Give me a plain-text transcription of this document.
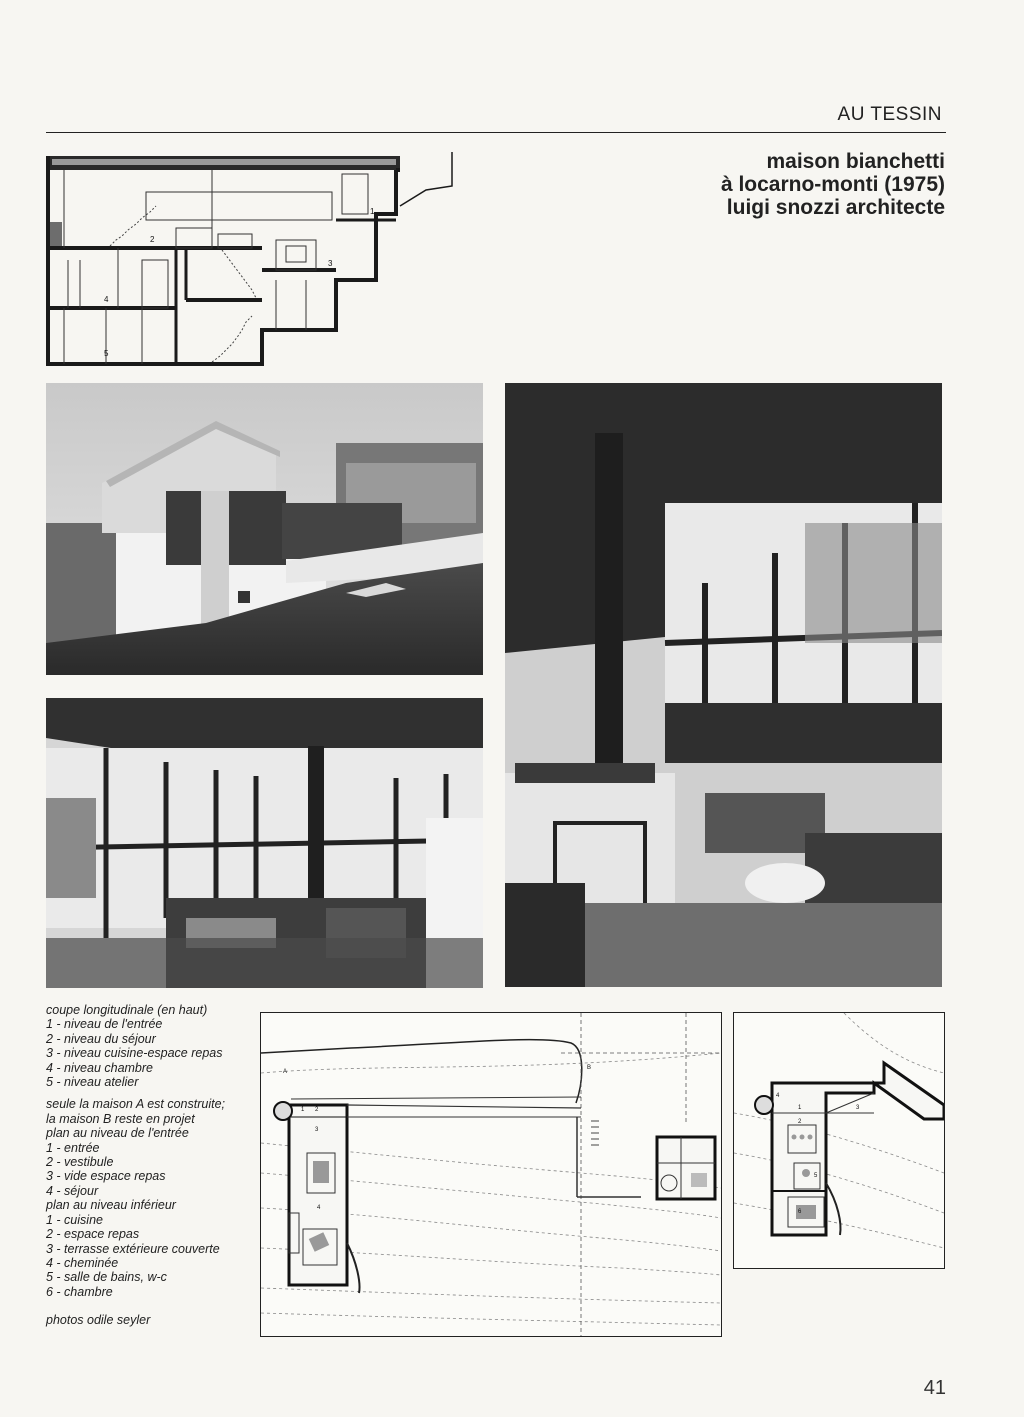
AU TESSIN
maison bianchetti
à locarno-monti (1975)
luigi snozzi architecte
1
2
3
4
5
coupe longitudinale (en haut)
1 - niveau de l'entrée
2 - niveau du séjour
3 - niveau cuisine-espace repas
4 - niveau chambre
5 - niveau atelier
seule la maison A est construite;
la maison B reste en projet
plan au niveau de l'entrée
1 - entrée
2 - vestibule
3 - vide espace repas
4 - séjour
plan au niveau inférieur
1 - cuisine
2 - espace repas
3 - terrasse extérieure couverte
4 - cheminée
5 - salle de bains, w-c
6 - chambre
photos odile seyler
A
B
1 2
3
4
1
2
3
4
5
6
41
